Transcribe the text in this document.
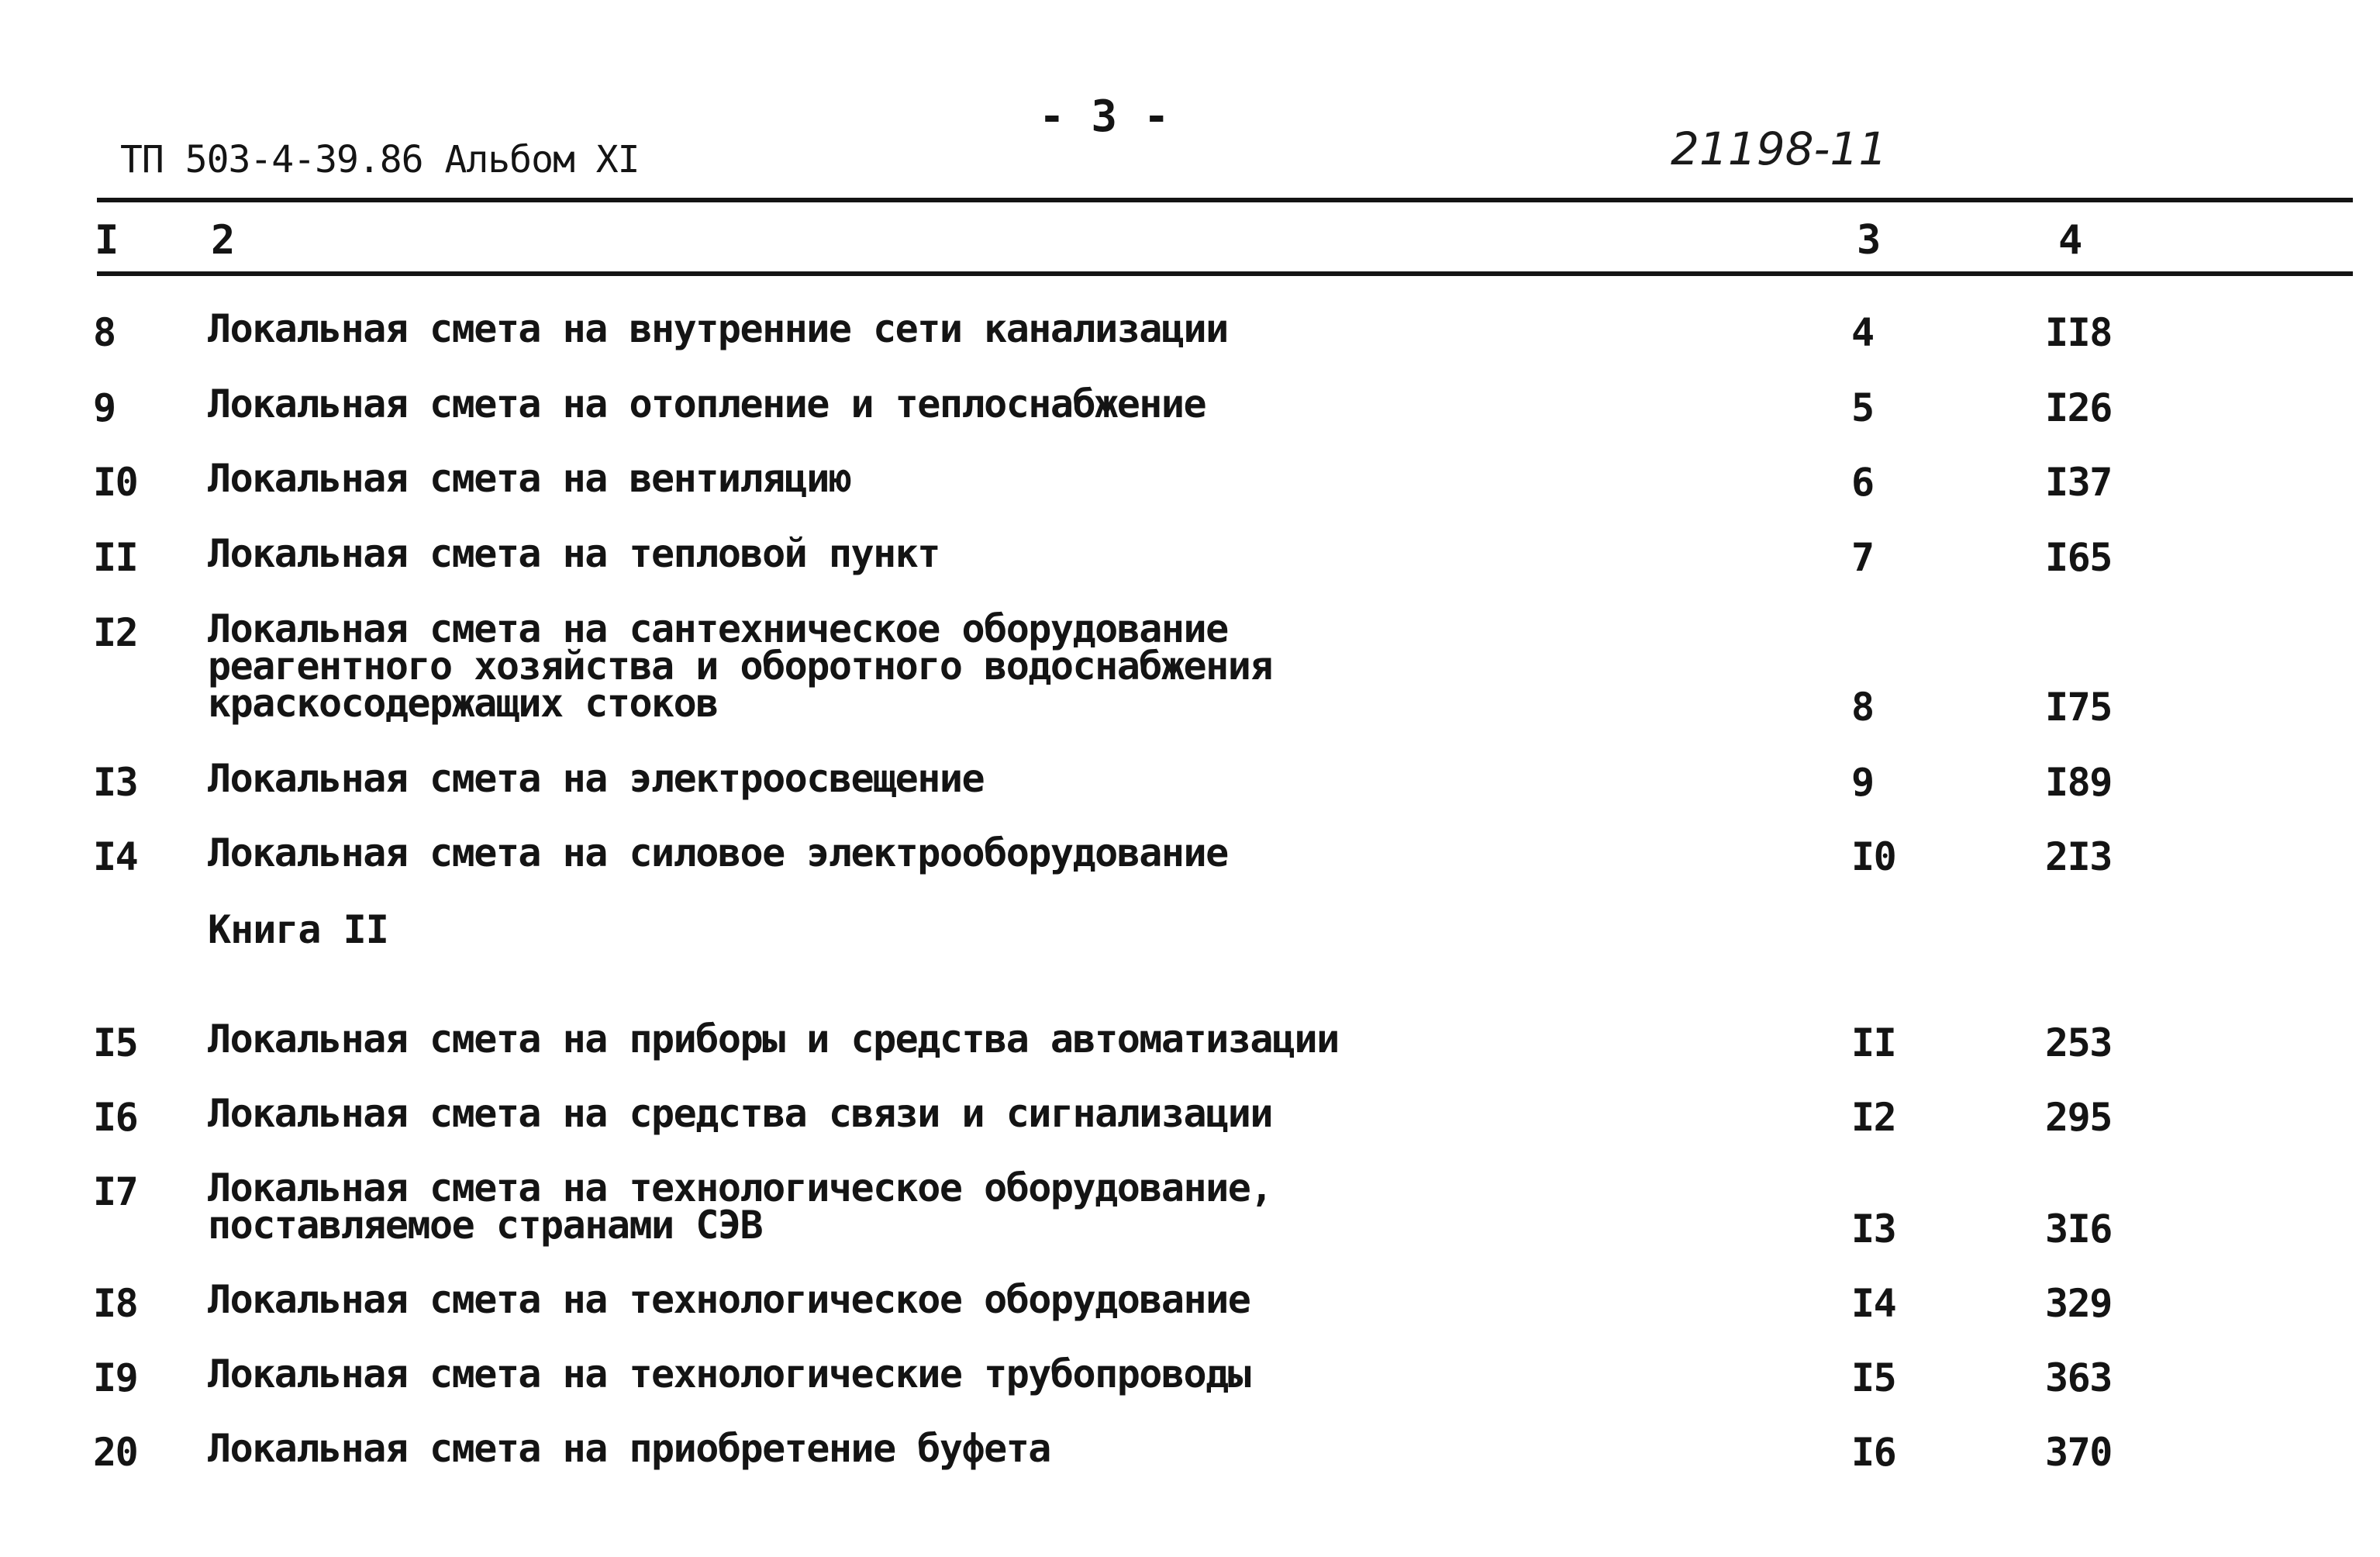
ТП 503-4-39.86 Альбом XI
- 3 -
21198-11
I 2	3	4
8 Локальная смета на внутренние сети канализации	4	II8
9 Локальная смета на отопление и теплоснабжение	5	I26
I0 Локальная смета на вентиляцию	6	I37
II Локальная смета на тепловой пункт	7	I65
I2 Локальная смета на сантехническое оборудование
реагентного хозяйства и оборотного водоснабжения
краскосодержащих стоков	8	I75
I3 Локальная смета на электроосвещение	9	I89
I4 Локальная смета на силовое электрооборудование	I0	2I3
Книга II
I5 Локальная смета на приборы и средства автоматизации	II	253
I6 Локальная смета на средства связи и сигнализации	I2	295
I7 Локальная смета на технологическое оборудование,
поставляемое странами СЭВ	I3	3I6
I8 Локальная смета на технологическое оборудование	I4	329
I9 Локальная смета на технологические трубопроводы	I5	363
20 Локальная смета на приобретение буфета	I6	370
